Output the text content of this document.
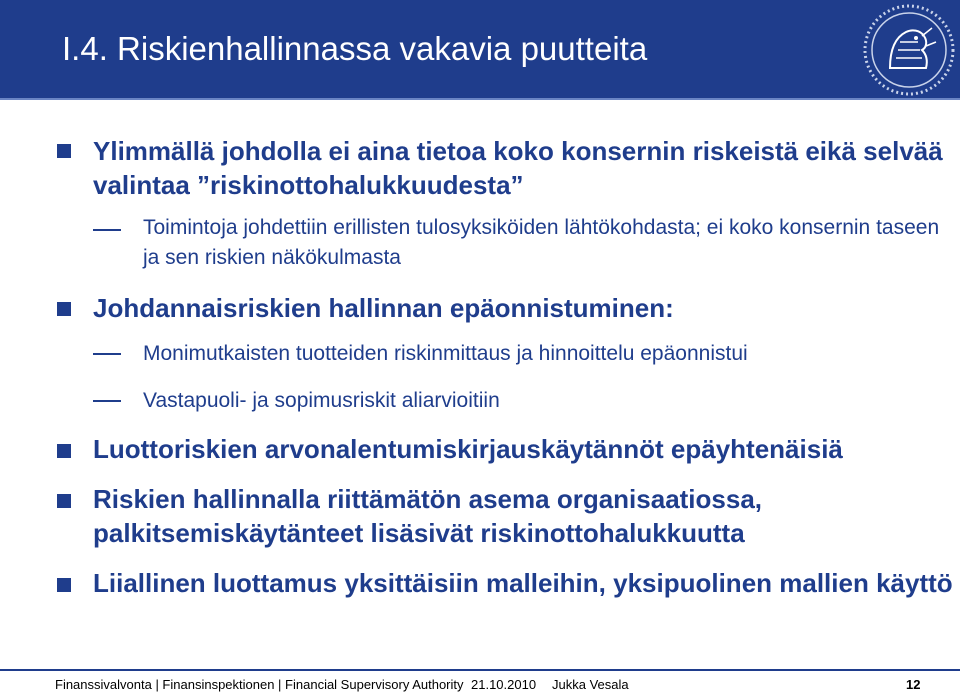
I.4. Riskienhallinnassa vakavia puutteita
Ylimmällä johdolla ei aina tietoa koko konsernin riskeistä eikä selvää valintaa ”riskinottohalukkuudesta”
Toimintoja johdettiin erillisten tulosyksiköiden lähtökohdasta; ei koko konsernin taseen ja sen riskien näkökulmasta
Johdannaisriskien hallinnan epäonnistuminen:
Monimutkaisten tuotteiden riskinmittaus ja hinnoittelu epäonnistui
Vastapuoli- ja sopimusriskit aliarvioitiin
Luottoriskien arvonalentumiskirjauskäytännöt epäyhtenäisiä
Riskien hallinnalla riittämätön asema organisaatiossa, palkitsemiskäytänteet lisäsivät riskinottohalukkuutta
Liiallinen luottamus yksittäisiin malleihin, yksipuolinen mallien käyttö
Finanssivalvonta | Finansinspektionen | Financial Supervisory Authority 21.10.2010 Jukka Vesala	12
